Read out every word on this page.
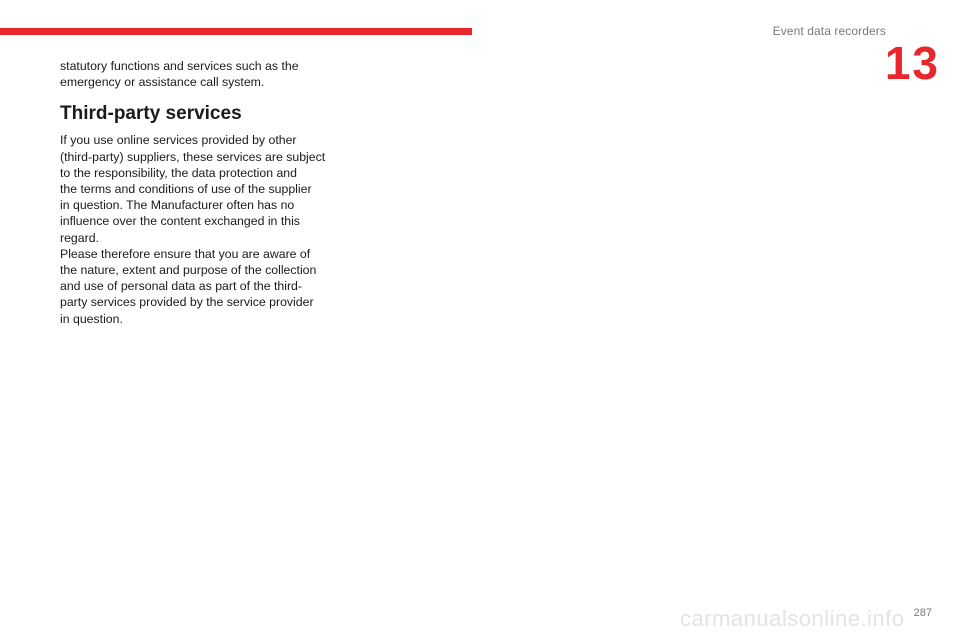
Event data recorders
13

statutory functions and services such as the
emergency or assistance call system.

Third-party services

If you use online services provided by other
(third-party) suppliers, these services are subject
to the responsibility, the data protection and
the terms and conditions of use of the supplier
in question. The Manufacturer often has no
influence over the content exchanged in this
regard.
Please therefore ensure that you are aware of
the nature, extent and purpose of the collection
and use of personal data as part of the third-
party services provided by the service provider
in question.

carmanualsonline.info 287
